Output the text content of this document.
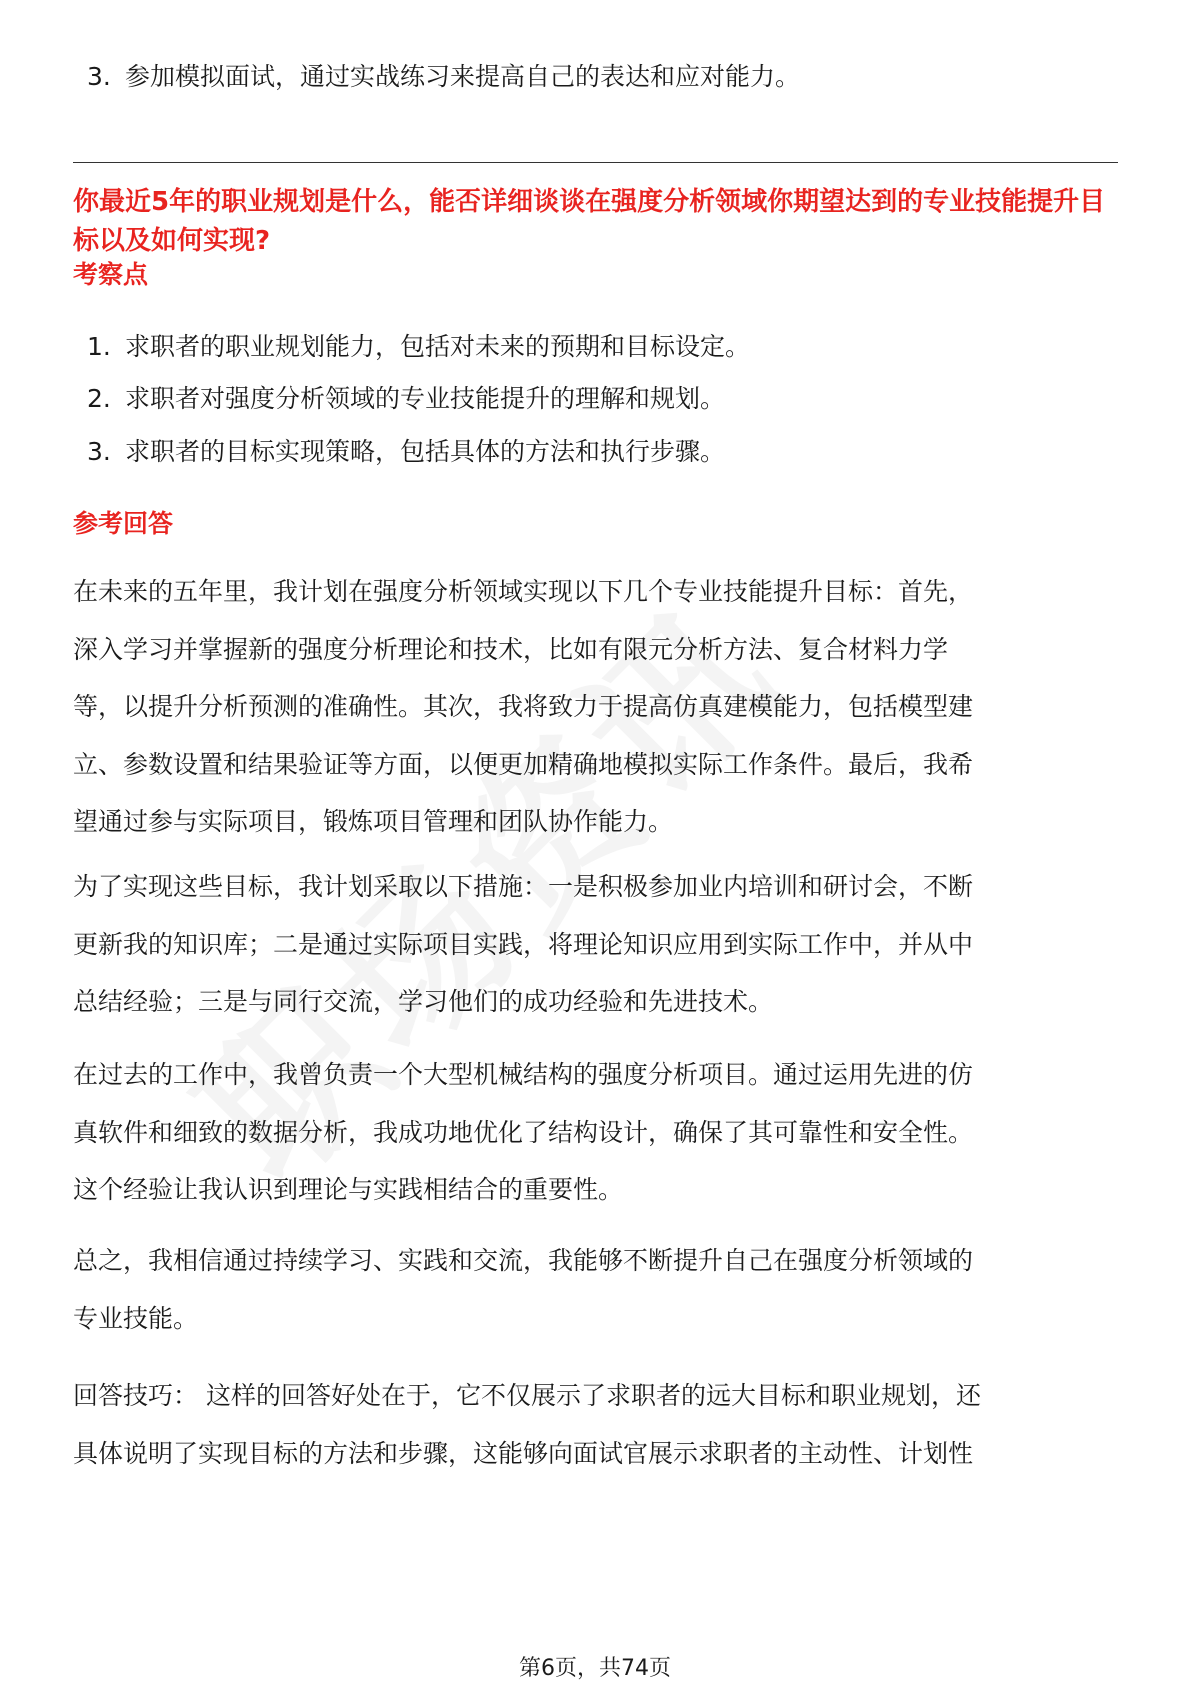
3. 参加模拟面试，通过实战练习来提高自己的表达和应对能力。
你最近5年的职业规划是什么，能否详细谈谈在强度分析领域你期望达到的专业技能提升目标以及如何实现?
考察点
1. 求职者的职业规划能力，包括对未来的预期和目标设定。
2. 求职者对强度分析领域的专业技能提升的理解和规划。
3. 求职者的目标实现策略，包括具体的方法和执行步骤。
参考回答
在未来的五年里，我计划在强度分析领域实现以下几个专业技能提升目标：首先，
深入学习并掌握新的强度分析理论和技术，比如有限元分析方法、复合材料力学
等，以提升分析预测的准确性。其次，我将致力于提高仿真建模能力，包括模型建
立、参数设置和结果验证等方面，以便更加精确地模拟实际工作条件。最后，我希
望通过参与实际项目，锻炼项目管理和团队协作能力。
为了实现这些目标，我计划采取以下措施：一是积极参加业内培训和研讨会，不断
更新我的知识库；二是通过实际项目实践，将理论知识应用到实际工作中，并从中
总结经验；三是与同行交流，学习他们的成功经验和先进技术。
在过去的工作中，我曾负责一个大型机械结构的强度分析项目。通过运用先进的仿
真软件和细致的数据分析，我成功地优化了结构设计，确保了其可靠性和安全性。
这个经验让我认识到理论与实践相结合的重要性。
总之，我相信通过持续学习、实践和交流，我能够不断提升自己在强度分析领域的
专业技能。
回答技巧： 这样的回答好处在于，它不仅展示了求职者的远大目标和职业规划，还
具体说明了实现目标的方法和步骤，这能够向面试官展示求职者的主动性、计划性
第6页，共74页
